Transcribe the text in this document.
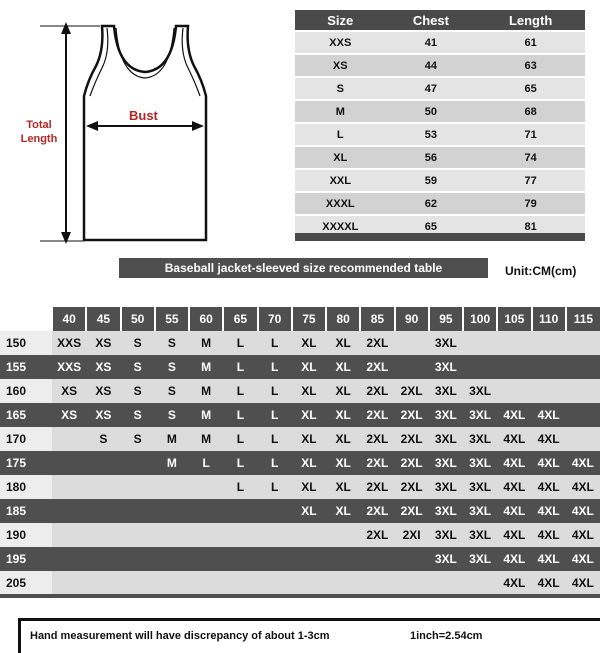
Total
Length
Bust
Size	Chest	Length
XXS	41	61
XS	44	63
S	47	65
M	50	68
L	53	71
XL	56	74
XXL	59	77
XXXL	62	79
XXXXL	65	81
Baseball jacket-sleeved size recommended table	Unit:CM(cm)
KG
Height	40	45	50	55	60	65	70	75	80	85	90	95	100	105	110	115
150	XXS	XS	S	S	M	L	L	XL	XL	2XL		3XL				
155	XXS	XS	S	S	M	L	L	XL	XL	2XL		3XL				
160	XS	XS	S	S	M	L	L	XL	XL	2XL	2XL	3XL	3XL			
165	XS	XS	S	S	M	L	L	XL	XL	2XL	2XL	3XL	3XL	4XL	4XL	
170		S	S	M	M	L	L	XL	XL	2XL	2XL	3XL	3XL	4XL	4XL	
175				M	L	L	L	XL	XL	2XL	2XL	3XL	3XL	4XL	4XL	4XL
180						L	L	XL	XL	2XL	2XL	3XL	3XL	4XL	4XL	4XL
185								XL	XL	2XL	2XL	3XL	3XL	4XL	4XL	4XL
190										2XL	2XI	3XL	3XL	4XL	4XL	4XL
195												3XL	3XL	4XL	4XL	4XL
205														4XL	4XL	4XL
Hand measurement will have discrepancy of about 1-3cm	1inch=2.54cm
